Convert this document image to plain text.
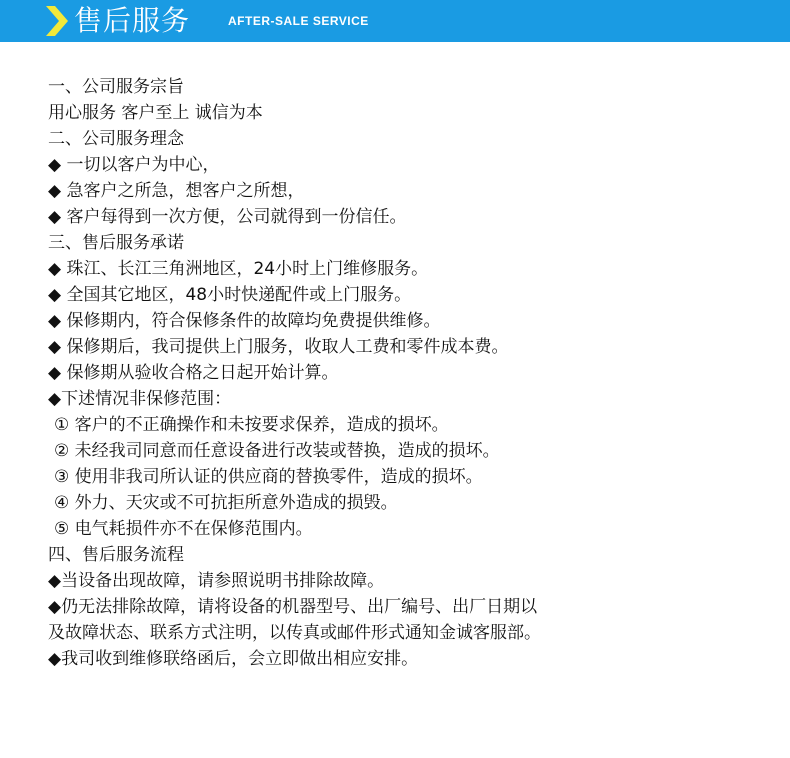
售后服务	AFTER-SALE SERVICE
一、公司服务宗旨
用心服务 客户至上 诚信为本
二、公司服务理念
◆ 一切以客户为中心，
◆ 急客户之所急，想客户之所想，
◆ 客户每得到一次方便，公司就得到一份信任。
三、售后服务承诺
◆ 珠江、长江三角洲地区，24小时上门维修服务。
◆ 全国其它地区，48小时快递配件或上门服务。
◆ 保修期内，符合保修条件的故障均免费提供维修。
◆ 保修期后，我司提供上门服务，收取人工费和零件成本费。
◆ 保修期从验收合格之日起开始计算。
◆下述情况非保修范围：
① 客户的不正确操作和未按要求保养，造成的损坏。
② 未经我司同意而任意设备进行改装或替换，造成的损坏。
③ 使用非我司所认证的供应商的替换零件，造成的损坏。
④ 外力、天灾或不可抗拒所意外造成的损毁。
⑤ 电气耗损件亦不在保修范围内。
四、售后服务流程
◆当设备出现故障，请参照说明书排除故障。
◆仍无法排除故障，请将设备的机器型号、出厂编号、出厂日期以
及故障状态、联系方式注明，以传真或邮件形式通知金诚客服部。
◆我司收到维修联络函后，会立即做出相应安排。
